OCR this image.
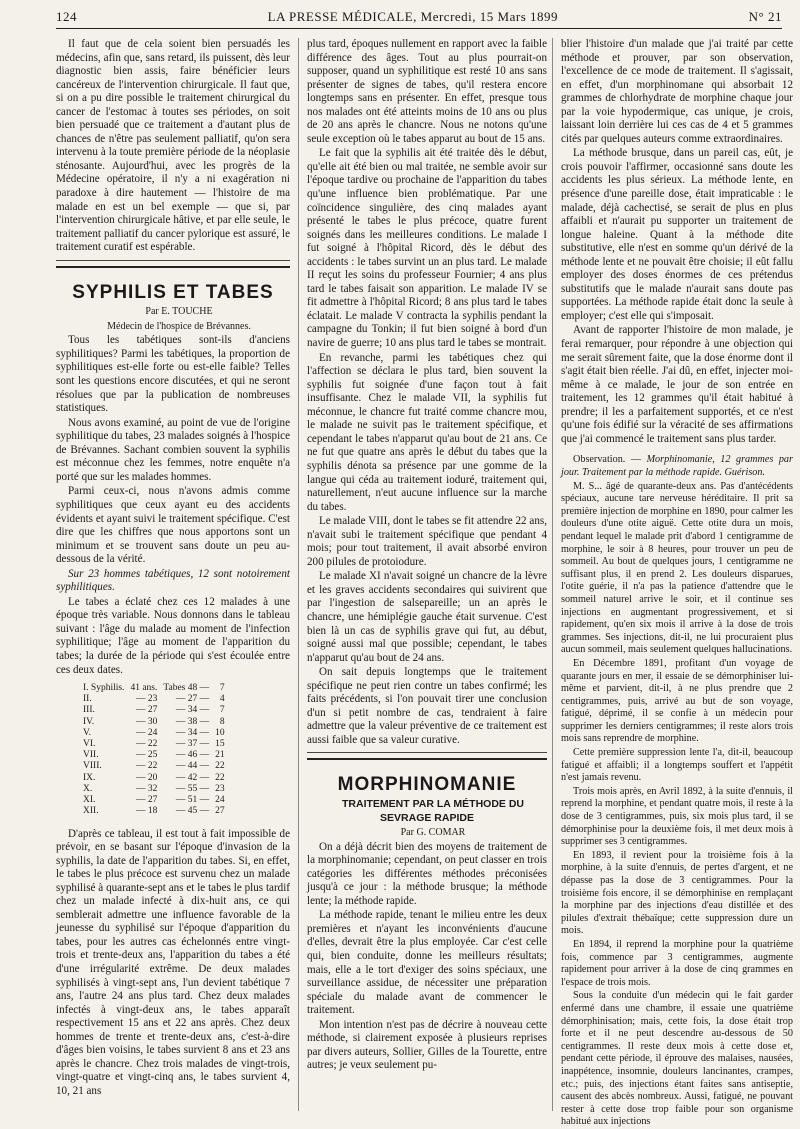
124	LA PRESSE MÉDICALE, Mercredi, 15 Mars 1899	N° 21

Il faut que de cela soient bien persuadés les médecins, afin que, sans retard, ils puissent, dès leur diagnostic bien assis, faire bénéficier leurs cancéreux de l'intervention chirurgicale. Il faut que, si on a pu dire possible le traitement chirurgical du cancer de l'estomac à toutes ses périodes, on soit bien persuadé que ce traitement a d'autant plus de chances de n'être pas seulement palliatif, qu'on sera intervenu à la toute première période de la néoplasie sténosante. Aujourd'hui, avec les progrès de la Médecine opératoire, il n'y a ni exagération ni paradoxe à dire hautement — l'histoire de ma malade en est un bel exemple — que si, par l'intervention chirurgicale hâtive, et par elle seule, le traitement palliatif du cancer pylorique est assuré, le traitement curatif est espérable.

SYPHILIS ET TABES

Par E. TOUCHE

Médecin de l'hospice de Brévannes.

Tous les tabétiques sont-ils d'anciens syphilitiques? Parmi les tabétiques, la proportion de syphilitiques est-elle forte ou est-elle faible? Telles sont les questions encore discutées, et qui ne seront résolues que par la publication de nombreuses statistiques.

Nous avons examiné, au point de vue de l'origine syphilitique du tabes, 23 malades soignés à l'hospice de Brévannes. Sachant combien souvent la syphilis est méconnue chez les femmes, notre enquête n'a porté que sur les malades hommes.

Parmi ceux-ci, nous n'avons admis comme syphilitiques que ceux ayant eu des accidents évidents et ayant suivi le traitement spécifique. C'est dire que les chiffres que nous apportons sont un minimum et se trouvent sans doute un peu au-dessous de la vérité.

Sur 23 hommes tabétiques, 12 sont notoirement syphilitiques.

Le tabes a éclaté chez ces 12 malades à une époque très variable. Nous donnons dans le tableau suivant : l'âge du malade au moment de l'infection syphilitique; l'âge au moment de l'apparition du tabes; la durée de la période qui s'est écoulée entre ces deux dates.

I. Syphilis.	41 ans.	Tabes 48 —	7
II.	— 23	— 27 —	4
III.	— 27	— 34 —	7
IV.	— 30	— 38 —	8
V.	— 24	— 34 —	10
VI.	— 22	— 37 —	15
VII.	— 25	— 46 —	21
VIII.	— 22	— 44 —	22
IX.	— 20	— 42 —	22
X.	— 32	— 55 —	23
XI.	— 27	— 51 —	24
XII.	— 18	— 45 —	27

D'après ce tableau, il est tout à fait impossible de prévoir, en se basant sur l'époque d'invasion de la syphilis, la date de l'apparition du tabes. Si, en effet, le tabes le plus précoce est survenu chez un malade syphilisé à quarante-sept ans et le tabes le plus tardif chez un malade infecté à dix-huit ans, ce qui semblerait admettre une influence favorable de la jeunesse du syphilisé sur l'époque d'apparition du tabes, pour les autres cas échelonnés entre vingt-trois et trente-deux ans, l'apparition du tabes a été d'une irrégularité extrême. De deux malades syphilisés à vingt-sept ans, l'un devient tabétique 7 ans, l'autre 24 ans plus tard. Chez deux malades infectés à vingt-deux ans, le tabes apparaît respectivement 15 ans et 22 ans après. Chez deux hommes de trente et trente-deux ans, c'est-à-dire d'âges bien voisins, le tabes survient 8 ans et 23 ans après le chancre. Chez trois malades de vingt-trois, vingt-quatre et vingt-cinq ans, le tabes survient 4, 10, 21 ans

plus tard, époques nullement en rapport avec la faible différence des âges. Tout au plus pourrait-on supposer, quand un syphilitique est resté 10 ans sans présenter de signes de tabes, qu'il restera encore longtemps sans en présenter. En effet, presque tous nos malades ont été atteints moins de 10 ans ou plus de 20 ans après le chancre. Nous ne notons qu'une seule exception où le tabes apparut au bout de 15 ans.

Le fait que la syphilis ait été traitée dès le début, qu'elle ait été bien ou mal traitée, ne semble avoir sur l'époque tardive ou prochaine de l'apparition du tabes qu'une influence bien problématique. Par une coïncidence singulière, des cinq malades ayant présenté le tabes le plus précoce, quatre furent soignés dans les meilleures conditions. Le malade I fut soigné à l'hôpital Ricord, dès le début des accidents : le tabes survint un an plus tard. Le malade II reçut les soins du professeur Fournier; 4 ans plus tard le tabes faisait son apparition. Le malade IV se fit admettre à l'hôpital Ricord; 8 ans plus tard le tabes éclatait. Le malade V contracta la syphilis pendant la campagne du Tonkin; il fut bien soigné à bord d'un navire de guerre; 10 ans plus tard le tabes se montrait.

En revanche, parmi les tabétiques chez qui l'affection se déclara le plus tard, bien souvent la syphilis fut soignée d'une façon tout à fait insuffisante. Chez le malade VII, la syphilis fut méconnue, le chancre fut traité comme chancre mou, le malade ne suivit pas le traitement spécifique, et cependant le tabes n'apparut qu'au bout de 21 ans. Ce ne fut que quatre ans après le début du tabes que la syphilis dénota sa présence par une gomme de la langue qui céda au traitement ioduré, traitement qui, naturellement, n'eut aucune influence sur la marche du tabes.

Le malade VIII, dont le tabes se fit attendre 22 ans, n'avait subi le traitement spécifique que pendant 4 mois; pour tout traitement, il avait absorbé environ 200 pilules de protoiodure.

Le malade XI n'avait soigné un chancre de la lèvre et les graves accidents secondaires qui suivirent que par l'ingestion de salsepareille; un an après le chancre, une hémiplégie gauche était survenue. C'est bien là un cas de syphilis grave qui fut, au début, soigné aussi mal que possible; cependant, le tabes n'apparut qu'au bout de 24 ans.

On sait depuis longtemps que le traitement spécifique ne peut rien contre un tabes confirmé; les faits précédents, si l'on pouvait tirer une conclusion d'un si petit nombre de cas, tendraient à faire admettre que la valeur préventive de ce traitement est aussi faible que sa valeur curative.

MORPHINOMANIE

TRAITEMENT PAR LA MÉTHODE DU SEVRAGE RAPIDE

Par G. COMAR

On a déjà décrit bien des moyens de traitement de la morphinomanie; cependant, on peut classer en trois catégories les différentes méthodes préconisées jusqu'à ce jour : la méthode brusque; la méthode lente; la méthode rapide.

La méthode rapide, tenant le milieu entre les deux premières et n'ayant les inconvénients d'aucune d'elles, devrait être la plus employée. Car c'est celle qui, bien conduite, donne les meilleurs résultats; mais, elle a le tort d'exiger des soins spéciaux, une surveillance assidue, de nécessiter une préparation spéciale du malade avant de commencer le traitement.

Mon intention n'est pas de décrire à nouveau cette méthode, si clairement exposée à plusieurs reprises par divers auteurs, Sollier, Gilles de la Tourette, entre autres; je veux seulement pu-

blier l'histoire d'un malade que j'ai traité par cette méthode et prouver, par son observation, l'excellence de ce mode de traitement. Il s'agissait, en effet, d'un morphinomane qui absorbait 12 grammes de chlorhydrate de morphine chaque jour par la voie hypodermique, cas unique, je crois, laissant loin derrière lui ces cas de 4 et 5 grammes cités par quelques auteurs comme extraordinaires.

La méthode brusque, dans un pareil cas, eût, je crois pouvoir l'affirmer, occasionné sans doute les accidents les plus sérieux. La méthode lente, en présence d'une pareille dose, était impraticable : le malade, déjà cachectisé, se serait de plus en plus affaibli et n'aurait pu supporter un traitement de longue haleine. Quant à la méthode dite substitutive, elle n'est en somme qu'un dérivé de la méthode lente et ne pouvait être choisie; il eût fallu employer des doses énormes de ces prétendus substitutifs que le malade n'aurait sans doute pas supportées. La méthode rapide était donc la seule à employer; c'est elle qui s'imposait.

Avant de rapporter l'histoire de mon malade, je ferai remarquer, pour répondre à une objection qui me serait sûrement faite, que la dose énorme dont il s'agit était bien réelle. J'ai dû, en effet, injecter moi-même à ce malade, le jour de son entrée en traitement, les 12 grammes qu'il était habitué à prendre; il les a parfaitement supportés, et ce n'est qu'une fois édifié sur la véracité de ses affirmations que j'ai commencé le traitement sans plus tarder.

Observation. — Morphinomanie, 12 grammes par jour. Traitement par la méthode rapide. Guérison.

M. S... âgé de quarante-deux ans. Pas d'antécédents spéciaux, aucune tare nerveuse héréditaire. Il prit sa première injection de morphine en 1890, pour calmer les douleurs d'une otite aiguë. Cette otite dura un mois, pendant lequel le malade prit d'abord 1 centigramme de morphine, le soir à 8 heures, pour trouver un peu de sommeil. Au bout de quelques jours, 1 centigramme ne suffisant plus, il en prend 2. Les douleurs disparues, l'otite guérie, il n'a pas la patience d'attendre que le sommeil naturel arrive le soir, et il continue ses injections en augmentant progressivement, et si rapidement, qu'en six mois il arrive à la dose de trois grammes. Ses injections, dit-il, ne lui procuraient plus aucun sommeil, mais seulement quelques hallucinations.

En Décembre 1891, profitant d'un voyage de quarante jours en mer, il essaie de se démorphiniser lui-même et parvient, dit-il, à ne plus prendre que 2 centigrammes, puis, arrivé au but de son voyage, fatigué, déprimé, il se confie à un médecin pour supprimer les derniers centigrammes; il reste alors trois mois sans reprendre de morphine.

Cette première suppression lente l'a, dit-il, beaucoup fatigué et affaibli; il a longtemps souffert et l'appétit n'est jamais revenu.

Trois mois après, en Avril 1892, à la suite d'ennuis, il reprend la morphine, et pendant quatre mois, il reste à la dose de 3 centigrammes, puis, six mois plus tard, il se démorphinise pour la deuxième fois, il met deux mois à supprimer ses 3 centigrammes.

En 1893, il revient pour la troisième fois à la morphine, à la suite d'ennuis, de pertes d'argent, et ne dépasse pas la dose de 3 centigrammes. Pour la troisième fois encore, il se démorphinise en remplaçant la morphine par des injections d'eau distillée et des pilules d'extrait thébaïque; cette suppression dure un mois.

En 1894, il reprend la morphine pour la quatrième fois, commence par 3 centigrammes, augmente rapidement pour arriver à la dose de cinq grammes en l'espace de trois mois.

Sous la conduite d'un médecin qui le fait garder enfermé dans une chambre, il essaie une quatrième démorphinisation; mais, cette fois, la dose était trop forte et il ne peut descendre au-dessous de 50 centigrammes. Il reste deux mois à cette dose et, pendant cette période, il éprouve des malaises, nausées, inappétence, insomnie, douleurs lancinantes, crampes, etc.; puis, des injections étant faites sans antiseptie, causent des abcès nombreux. Aussi, fatigué, ne pouvant rester à cette dose trop faible pour son organisme habitué aux injections
